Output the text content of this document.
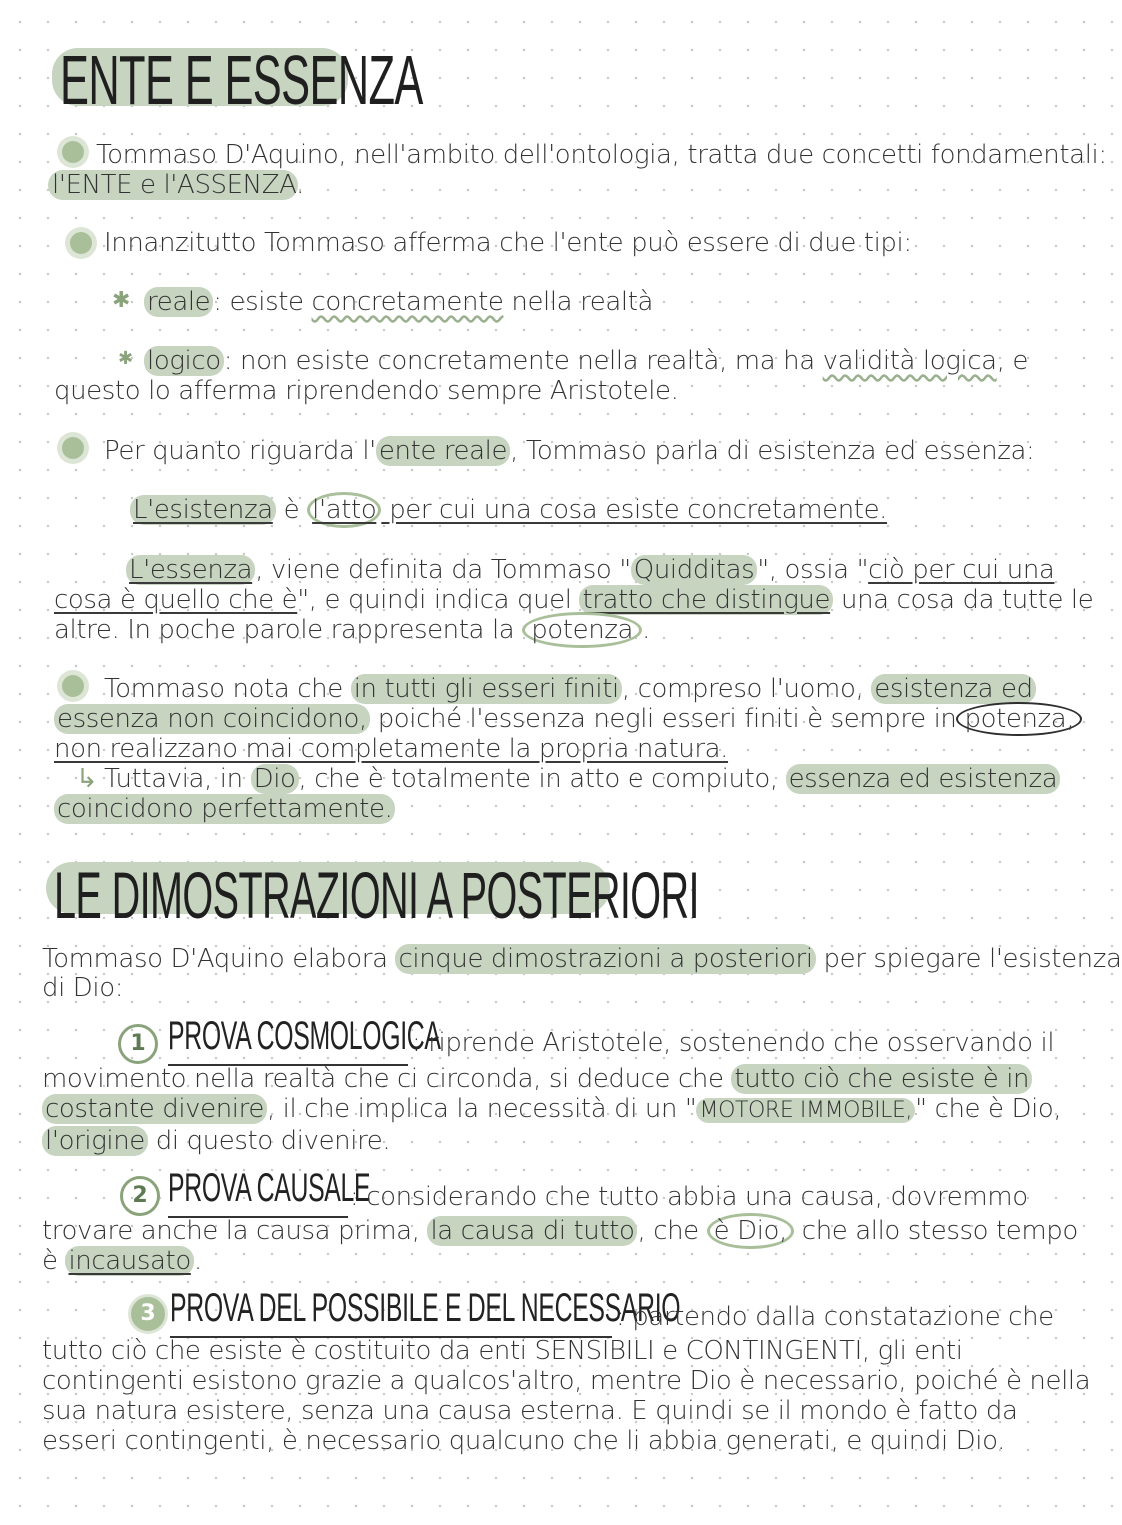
ENTE E ESSENZA
Tommaso D'Aquino, nell'ambito dell'ontologia, tratta due concetti fondamentali:
l'ENTE e l'ASSENZA.
Innanzitutto Tommaso afferma che l'ente può essere di due tipi:
✱ reale : esiste concretamente nella realtà
✱ logico : non esiste concretamente nella realtà, ma ha validità logica, e
questo lo afferma riprendendo sempre Aristotele.
Per quanto riguarda l' ente reale , Tommaso parla di esistenza ed essenza:
L'esistenza è l'atto per cui una cosa esiste concretamente.
L'essenza , viene definita da Tommaso " Quidditas ", ossia "ciò per cui una
cosa è quello che è", e quindi indica quel tratto che distingue una cosa da tutte le
altre. In poche parole rappresenta la potenza .
Tommaso nota che in tutti gli esseri finiti , compreso l'uomo, esistenza ed
essenza non coincidono, poiché l'essenza negli esseri finiti è sempre in potenza,
non realizzano mai completamente la propria natura.
↳ Tuttavia, in Dio , che è totalmente in atto e compiuto, essenza ed esistenza
coincidono perfettamente.
LE DIMOSTRAZIONI A POSTERIORI
Tommaso D'Aquino elabora cinque dimostrazioni a posteriori per spiegare l'esistenza
di Dio:
1 PROVA COSMOLOGICA
: riprende Aristotele, sostenendo che osservando il
movimento nella realtà che ci circonda, si deduce che tutto ciò che esiste è in
costante divenire , il che implica la necessità di un " MOTORE IMMOBILE, " che è Dio,
l'origine di questo divenire.
2 PROVA CAUSALE
: considerando che tutto abbia una causa, dovremmo
trovare anche la causa prima, la causa di tutto , che è Dio, che allo stesso tempo
è incausato .
3 PROVA DEL POSSIBILE E DEL NECESSARIO
: partendo dalla constatazione che
tutto ciò che esiste è costituito da enti SENSIBILI e CONTINGENTI, gli enti
contingenti esistono grazie a qualcos'altro, mentre Dio è necessario, poiché è nella
sua natura esistere, senza una causa esterna. E quindi se il mondo è fatto da
esseri contingenti, è necessario qualcuno che li abbia generati, e quindi Dio.
